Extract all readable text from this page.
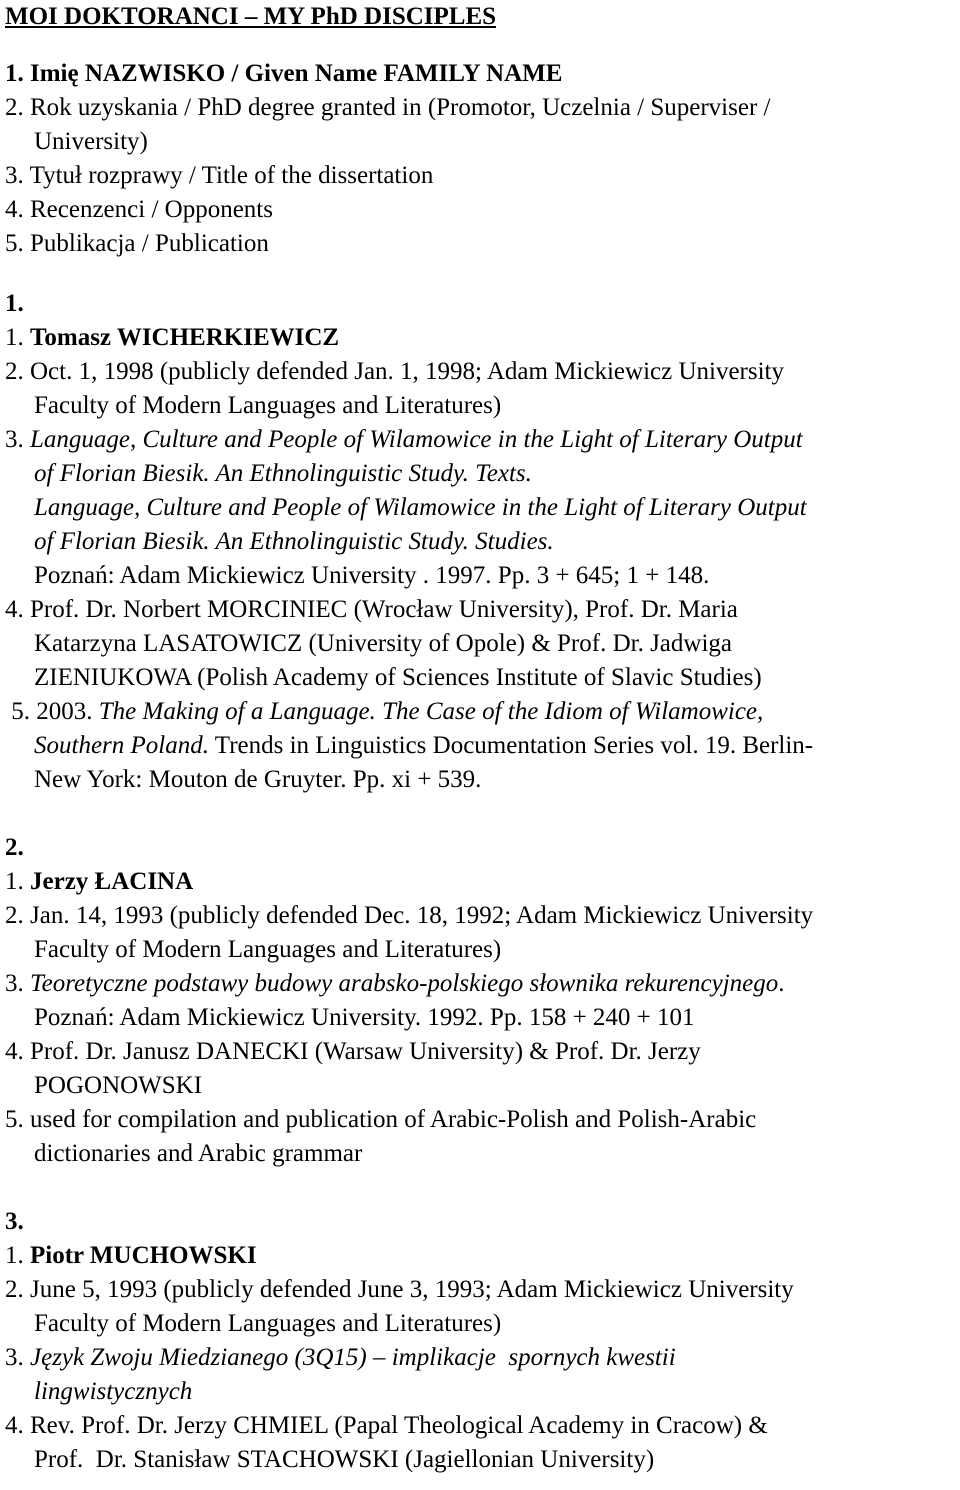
MOI DOKTORANCI – MY PhD DISCIPLES

1. Imię NAZWISKO / Given Name FAMILY NAME

2. Rok uzyskania / PhD degree granted in (Promotor, Uczelnia / Superviser /

University)

3. Tytuł rozprawy / Title of the dissertation

4. Recenzenci / Opponents

5. Publikacja / Publication

1.

1. Tomasz WICHERKIEWICZ

2. Oct. 1, 1998 (publicly defended Jan. 1, 1998; Adam Mickiewicz University

Faculty of Modern Languages and Literatures)

3. Language, Culture and People of Wilamowice in the Light of Literary Output

of Florian Biesik. An Ethnolinguistic Study. Texts.

Language, Culture and People of Wilamowice in the Light of Literary Output

of Florian Biesik. An Ethnolinguistic Study. Studies.

Poznań: Adam Mickiewicz University . 1997. Pp. 3 + 645; 1 + 148.

4. Prof. Dr. Norbert MORCINIEC (Wrocław University), Prof. Dr. Maria

Katarzyna LASATOWICZ (University of Opole) & Prof. Dr. Jadwiga

ZIENIUKOWA (Polish Academy of Sciences Institute of Slavic Studies)

5. 2003. The Making of a Language. The Case of the Idiom of Wilamowice,

Southern Poland. Trends in Linguistics Documentation Series vol. 19. Berlin-

New York: Mouton de Gruyter. Pp. xi + 539.

2.

1. Jerzy ŁACINA

2. Jan. 14, 1993 (publicly defended Dec. 18, 1992; Adam Mickiewicz University

Faculty of Modern Languages and Literatures)

3. Teoretyczne podstawy budowy arabsko-polskiego słownika rekurencyjnego.

Poznań: Adam Mickiewicz University. 1992. Pp. 158 + 240 + 101

4. Prof. Dr. Janusz DANECKI (Warsaw University) & Prof. Dr. Jerzy

POGONOWSKI

5. used for compilation and publication of Arabic-Polish and Polish-Arabic

dictionaries and Arabic grammar

3.

1. Piotr MUCHOWSKI

2. June 5, 1993 (publicly defended June 3, 1993; Adam Mickiewicz University

Faculty of Modern Languages and Literatures)

3. Język Zwoju Miedzianego (3Q15) – implikacje  spornych kwestii

lingwistycznych

4. Rev. Prof. Dr. Jerzy CHMIEL (Papal Theological Academy in Cracow) &

Prof.  Dr. Stanisław STACHOWSKI (Jagiellonian University)
